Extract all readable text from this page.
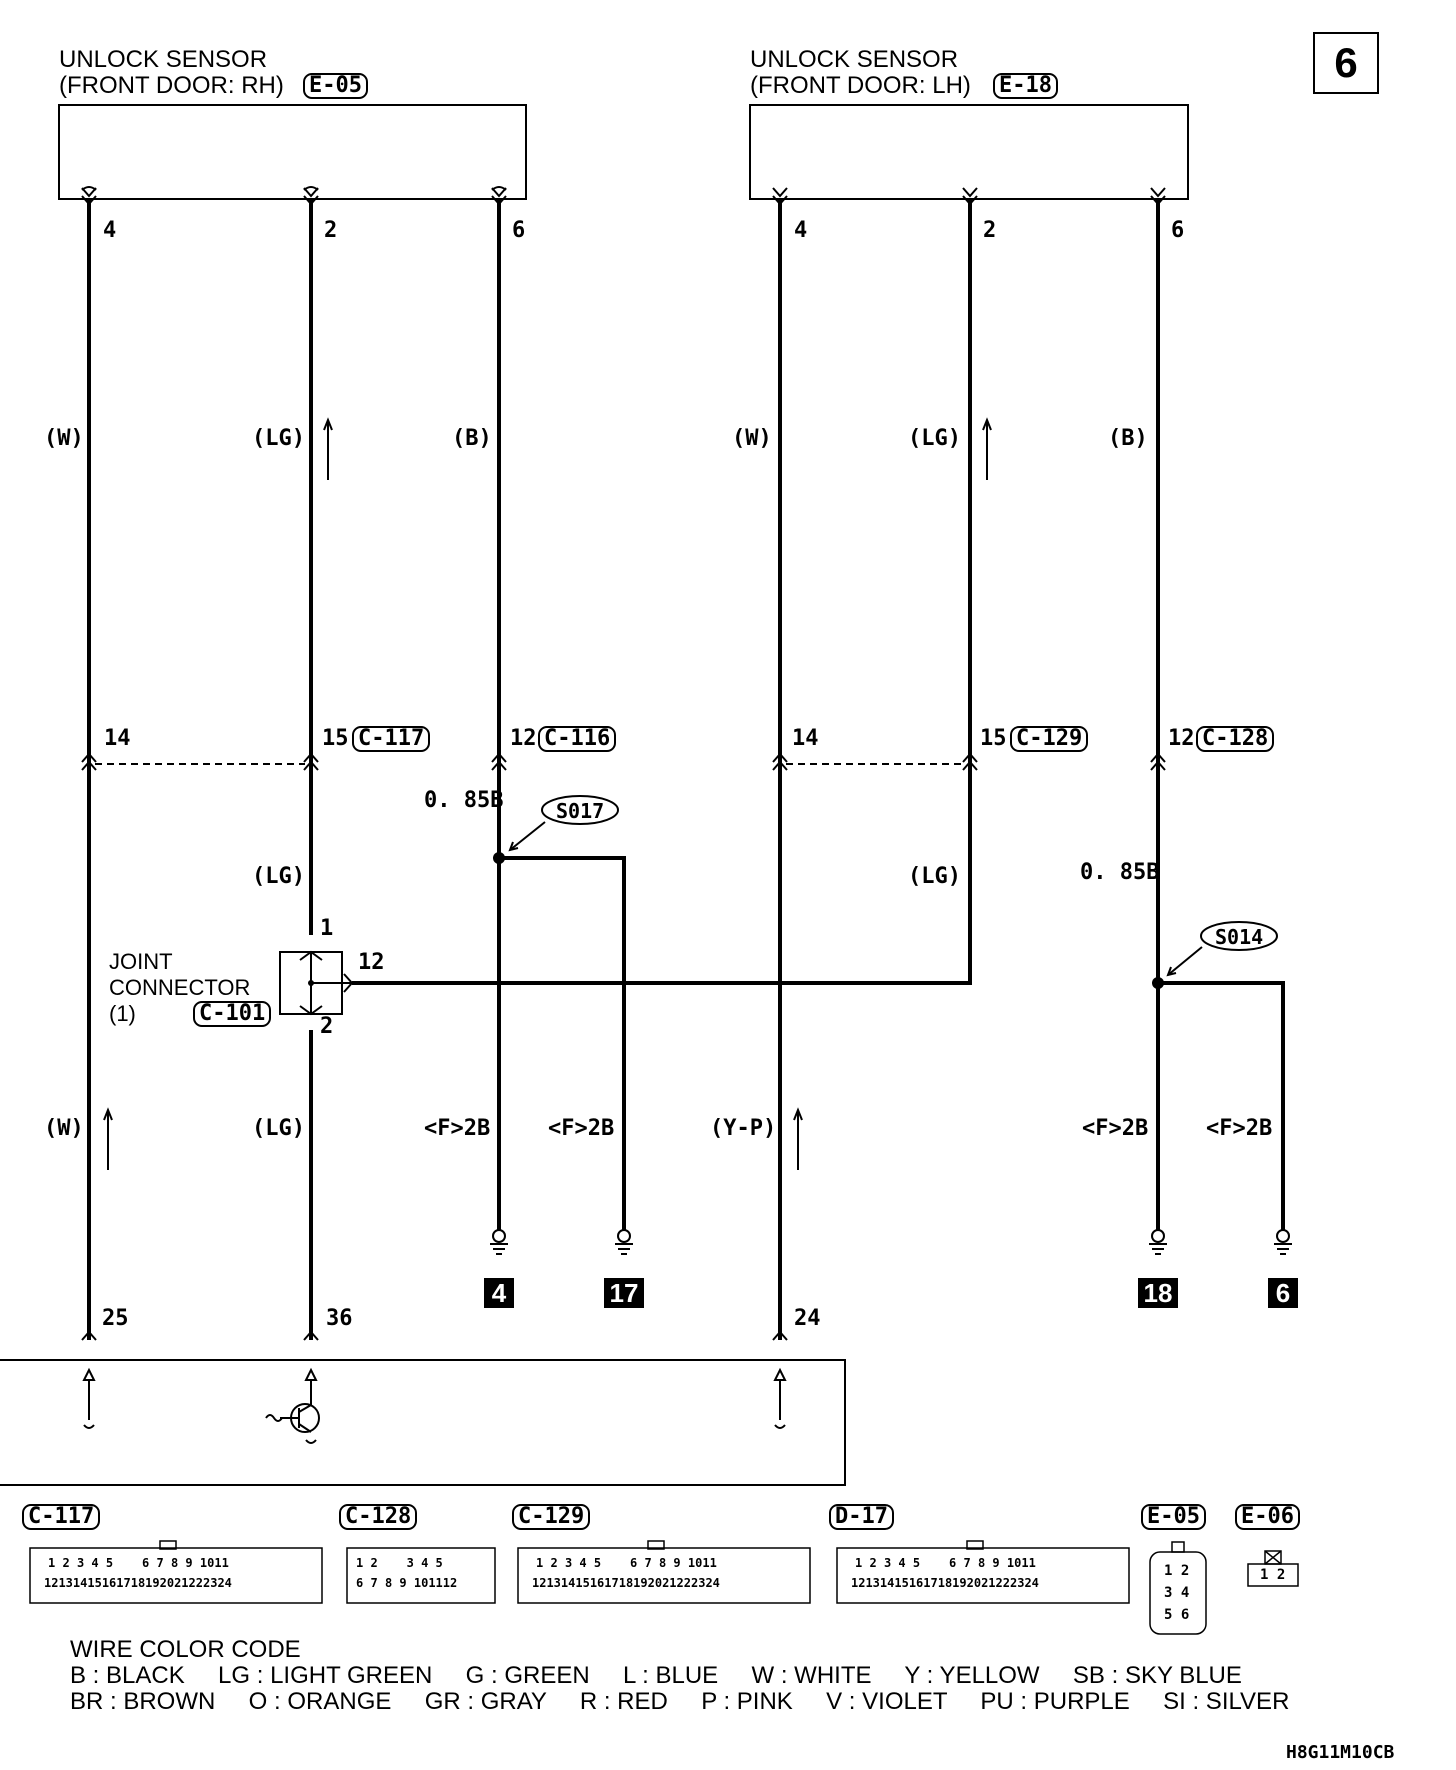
6
UNLOCK SENSOR
(FRONT DOOR: RH) E-05
UNLOCK SENSOR
(FRONT DOOR: LH) E-18
4	2	6	4	2	6
(W)	(LG)	(B)	(W)	(LG)	(B)
14	15 C-117	12 C-116	14	15 C-129	12 C-128
0. 85B
0. 85B
S017
S014
(LG)	(LG)
(W)	(LG)	(Y-P)
<F>2B	<F>2B	<F>2B	<F>2B
JOINT
CONNECTOR
(1)	C-101
1
12
2
4	17	18	6
25	36	24
C-117	C-128	C-129	D-17	E-05 E-06
1 2 3 4 5 6 7 8 9 1011
12131415161718192021222324
1 2 3 4 5
6 7 8 9 101112
1 2 3 4 5 6 7 8 9 1011
12131415161718192021222324
1 2 3 4 5 6 7 8 9 1011
12131415161718192021222324
1 2
3 4
5 6
1 2
WIRE COLOR CODE
B : BLACK     LG : LIGHT GREEN     G : GREEN     L : BLUE     W : WHITE     Y : YELLOW     SB : SKY BLUE
BR : BROWN     O : ORANGE     GR : GRAY     R : RED     P : PINK     V : VIOLET     PU : PURPLE     SI : SILVER
H8G11M10CB
